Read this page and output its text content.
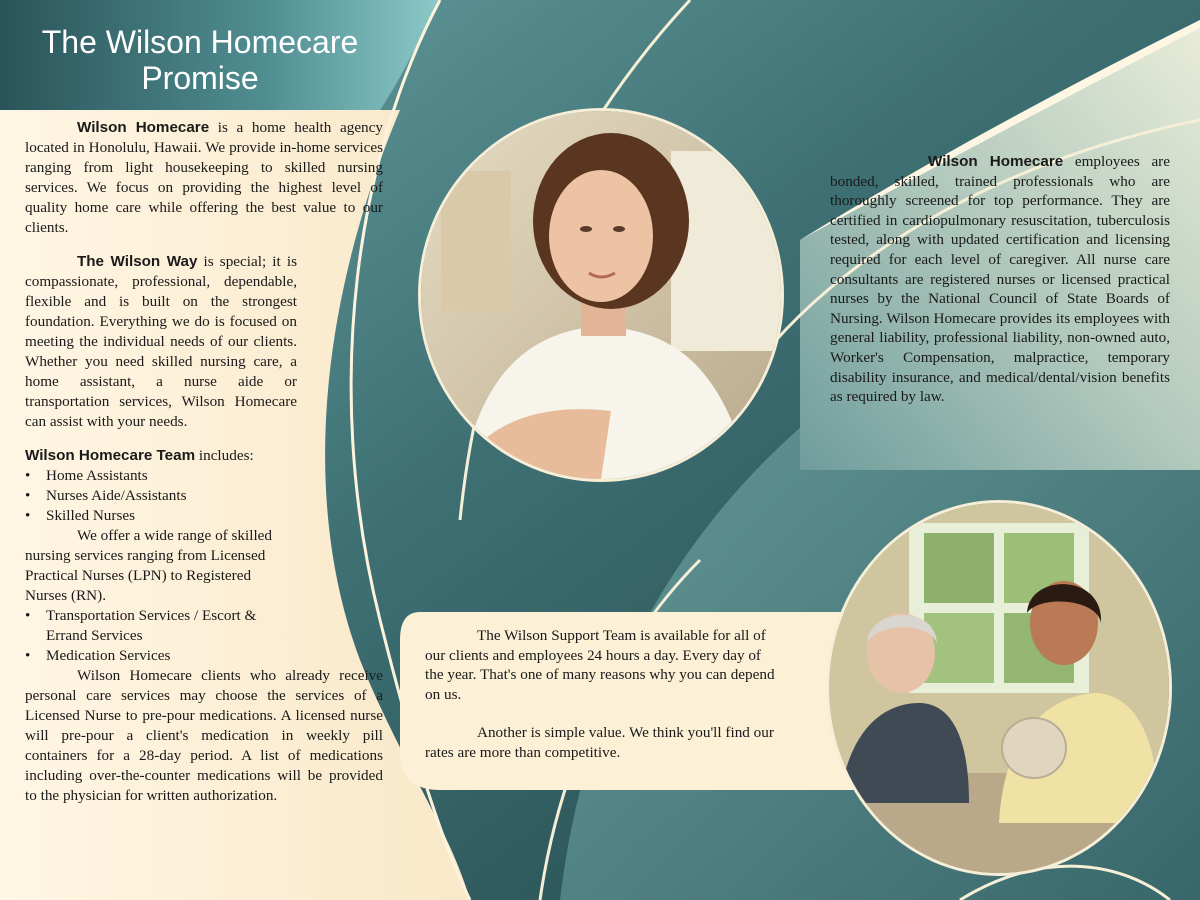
The Wilson Homecare Promise

Wilson Homecare is a home health agency located in Honolulu, Hawaii. We provide in-home services ranging from light housekeeping to skilled nursing services. We focus on providing the highest level of quality home care while offering the best value to our clients.

The Wilson Way is special; it is compassionate, professional, dependable, flexible and is built on the strongest foundation. Everything we do is focused on meeting the individual needs of our clients. Whether you need skilled nursing care, a home assistant, a nurse aide or transportation services, Wilson Homecare can assist with your needs.

Wilson Homecare Team includes:

• Home Assistants
• Nurses Aide/Assistants
• Skilled Nurses

We offer a wide range of skilled nursing services ranging from Licensed Practical Nurses (LPN) to Registered Nurses (RN).

• Transportation Services / Escort & Errand Services
• Medication Services

Wilson Homecare clients who already receive personal care services may choose the services of a Licensed Nurse to pre-pour medications. A licensed nurse will pre-pour a client's medication in weekly pill containers for a 28-day period. A list of medications including over-the-counter medications will be provided to the physician for written authorization.

Wilson Homecare employees are bonded, skilled, trained professionals who are thoroughly screened for top performance. They are certified in cardiopulmonary resuscitation, tuberculosis tested, along with updated certification and licensing required for each level of caregiver. All nurse care consultants are registered nurses or licensed practical nurses by the National Council of State Boards of Nursing. Wilson Homecare provides its employees with general liability, professional liability, non-owned auto, Worker's Compensation, malpractice, temporary disability insurance, and medical/dental/vision benefits as required by law.

The Wilson Support Team is available for all of our clients and employees 24 hours a day. Every day of the year. That's one of many reasons why you can depend on us.

Another is simple value. We think you'll find our rates are more than competitive.
